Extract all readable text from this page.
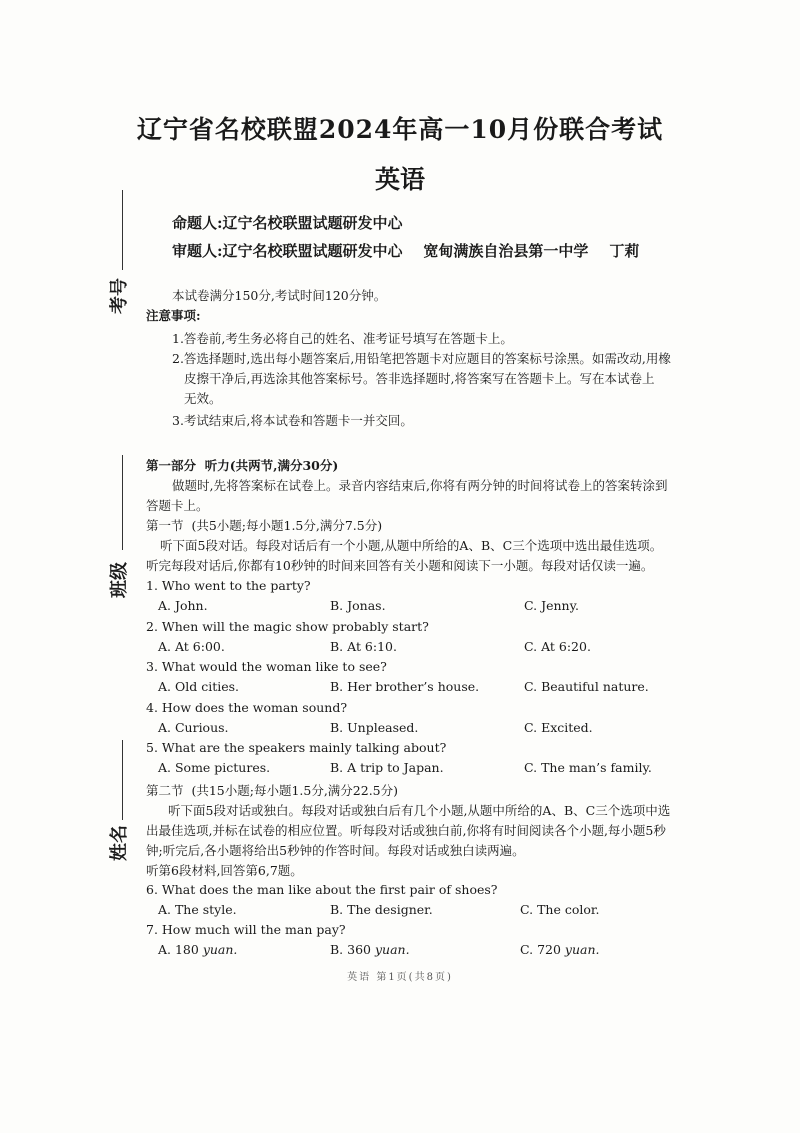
辽宁省名校联盟2024年高一10月份联合考试
英语
命题人:辽宁名校联盟试题研发中心
审题人:辽宁名校联盟试题研发中心    宽甸满族自治县第一中学    丁莉
考号
班级
姓名
本试卷满分150分,考试时间120分钟。
注意事项:
1.答卷前,考生务必将自己的姓名、准考证号填写在答题卡上。
2.答选择题时,选出每小题答案后,用铅笔把答题卡对应题目的答案标号涂黑。如需改动,用橡
皮擦干净后,再选涂其他答案标号。答非选择题时,将答案写在答题卡上。写在本试卷上
无效。
3.考试结束后,将本试卷和答题卡一并交回。
第一部分  听力(共两节,满分30分)
做题时,先将答案标在试卷上。录音内容结束后,你将有两分钟的时间将试卷上的答案转涂到
答题卡上。
第一节  (共5小题;每小题1.5分,满分7.5分)
听下面5段对话。每段对话后有一个小题,从题中所给的A、B、C三个选项中选出最佳选项。
听完每段对话后,你都有10秒钟的时间来回答有关小题和阅读下一小题。每段对话仅读一遍。
1. Who went to the party?
A. John.	B. Jonas.	C. Jenny.
2. When will the magic show probably start?
A. At 6:00.	B. At 6:10.	C. At 6:20.
3. What would the woman like to see?
A. Old cities.	B. Her brother’s house.	C. Beautiful nature.
4. How does the woman sound?
A. Curious.	B. Unpleased.	C. Excited.
5. What are the speakers mainly talking about?
A. Some pictures.	B. A trip to Japan.	C. The man’s family.
第二节  (共15小题;每小题1.5分,满分22.5分)
听下面5段对话或独白。每段对话或独白后有几个小题,从题中所给的A、B、C三个选项中选
出最佳选项,并标在试卷的相应位置。听每段对话或独白前,你将有时间阅读各个小题,每小题5秒
钟;听完后,各小题将给出5秒钟的作答时间。每段对话或独白读两遍。
听第6段材料,回答第6,7题。
6. What does the man like about the first pair of shoes?
A. The style.	B. The designer.	C. The color.
7. How much will the man pay?
A. 180 yuan.	B. 360 yuan.	C. 720 yuan.
英语 第1页(共8页)
